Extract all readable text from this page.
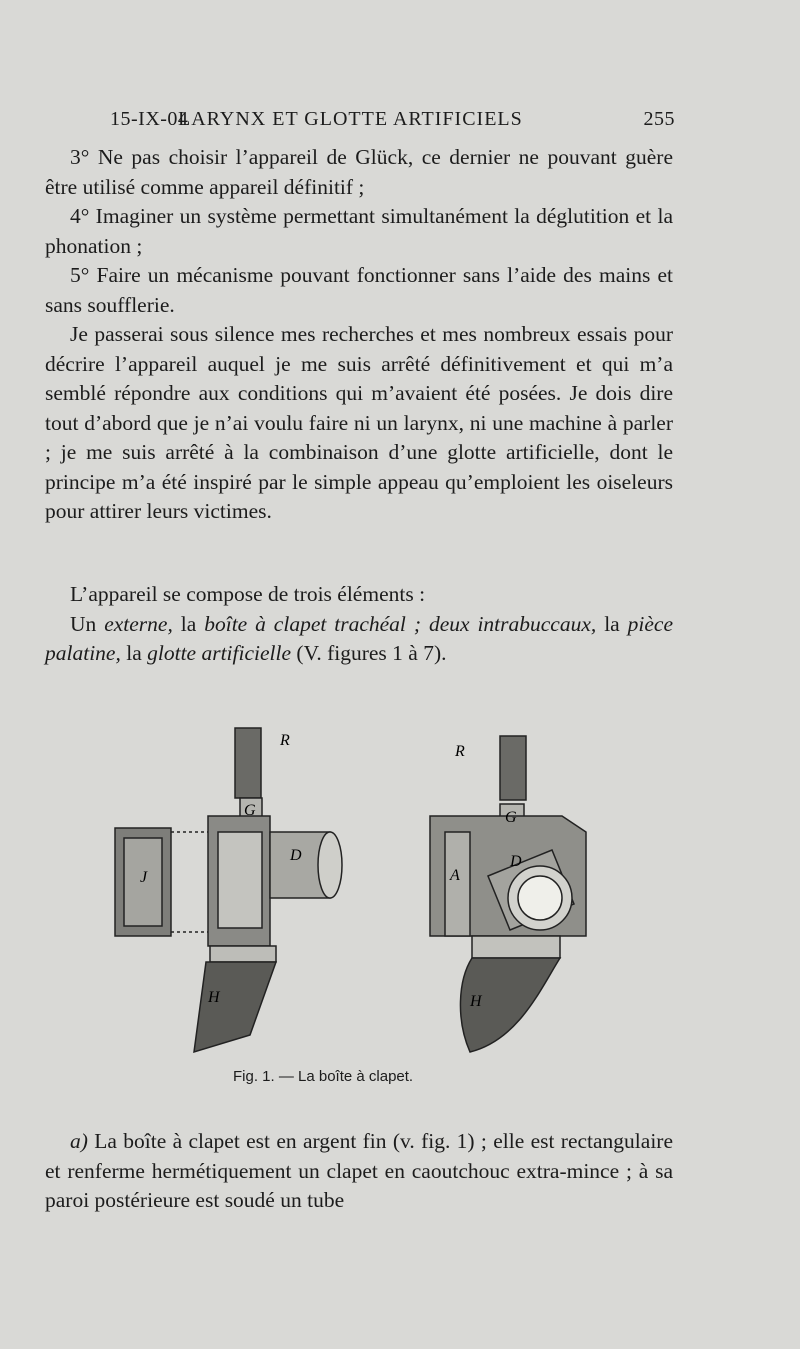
15-IX-04
LARYNX ET GLOTTE ARTIFICIELS	255

3° Ne pas choisir l’appareil de Glück, ce dernier ne pouvant guère être utilisé comme appareil définitif ;

4° Imaginer un système permettant simultanément la déglutition et la phonation ;

5° Faire un mécanisme pouvant fonctionner sans l’aide des mains et sans soufflerie.

Je passerai sous silence mes recherches et mes nombreux essais pour décrire l’appareil auquel je me suis arrêté définitivement et qui m’a semblé répondre aux conditions qui m’avaient été posées. Je dois dire tout d’abord que je n’ai voulu faire ni un larynx, ni une machine à parler ; je me suis arrêté à la combinaison d’une glotte artificielle, dont le principe m’a été inspiré par le simple appeau qu’emploient les oiseleurs pour attirer leurs victimes.

L’appareil se compose de trois éléments :

Un externe, la boîte à clapet trachéal ; deux intrabuccaux, la pièce palatine, la glotte artificielle (V. figures 1 à 7).

R
G
D
J
H
R
G
D
A
H
Fig. 1. — La boîte à clapet.

a) La boîte à clapet est en argent fin (v. fig. 1) ; elle est rectangulaire et renferme hermétiquement un clapet en caoutchouc extra-mince ; à sa paroi postérieure est soudé un tube
